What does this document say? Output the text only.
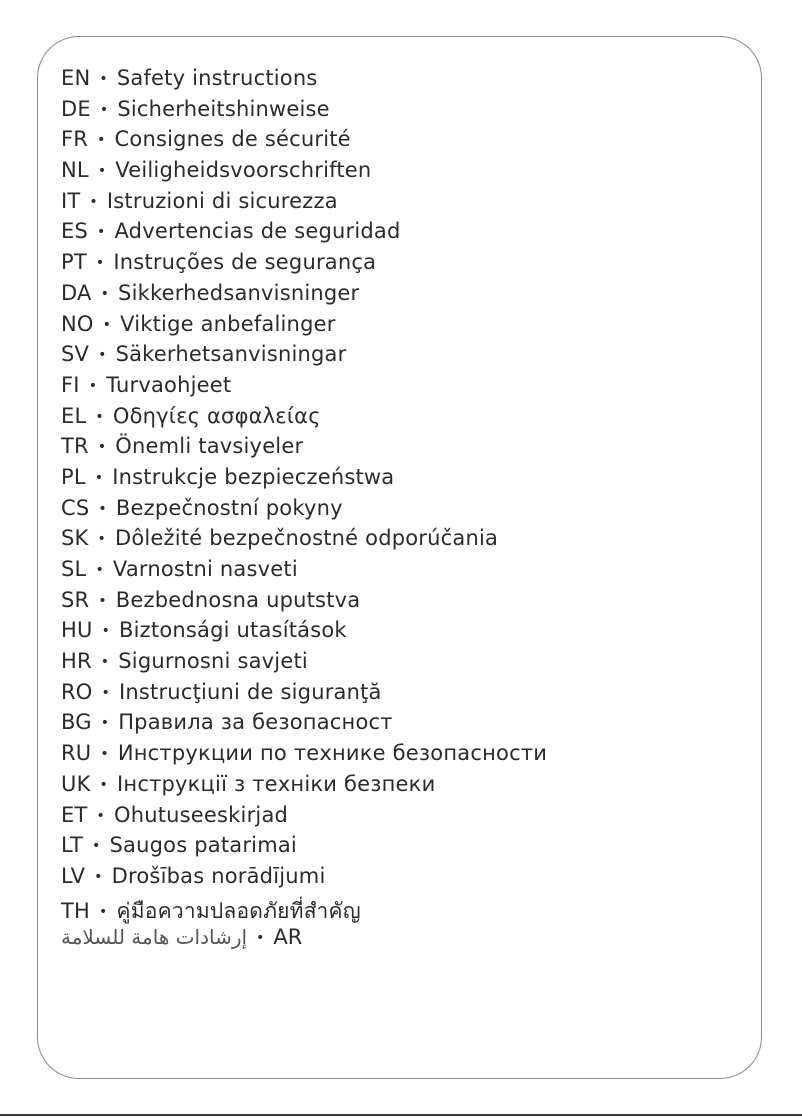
EN • Safety instructions
DE • Sicherheitshinweise
FR • Consignes de sécurité
NL • Veiligheidsvoorschriften
IT • Istruzioni di sicurezza
ES • Advertencias de seguridad
PT • Instruções de segurança
DA • Sikkerhedsanvisninger
NO • Viktige anbefalinger
SV • Säkerhetsanvisningar
FI • Turvaohjeet
EL • Οδηγίες ασφαλείας
TR • Önemli tavsiyeler
PL • Instrukcje bezpieczeństwa
CS • Bezpečnostní pokyny
SK • Dôležité bezpečnostné odporúčania
SL • Varnostni nasveti
SR • Bezbednosna uputstva
HU • Biztonsági utasítások
HR • Sigurnosni savjeti
RO • Instrucţiuni de siguranţă
BG • Правила за безопасност
RU • Инструкции по технике безопасности
UK • Інструкції з техніки безпеки
ET • Ohutuseeskirjad
LT • Saugos patarimai
LV • Drošības norādījumi
TH • คู่มือความปลอดภัยที่สำคัญ
إرشادات هامة للسلامة • AR
